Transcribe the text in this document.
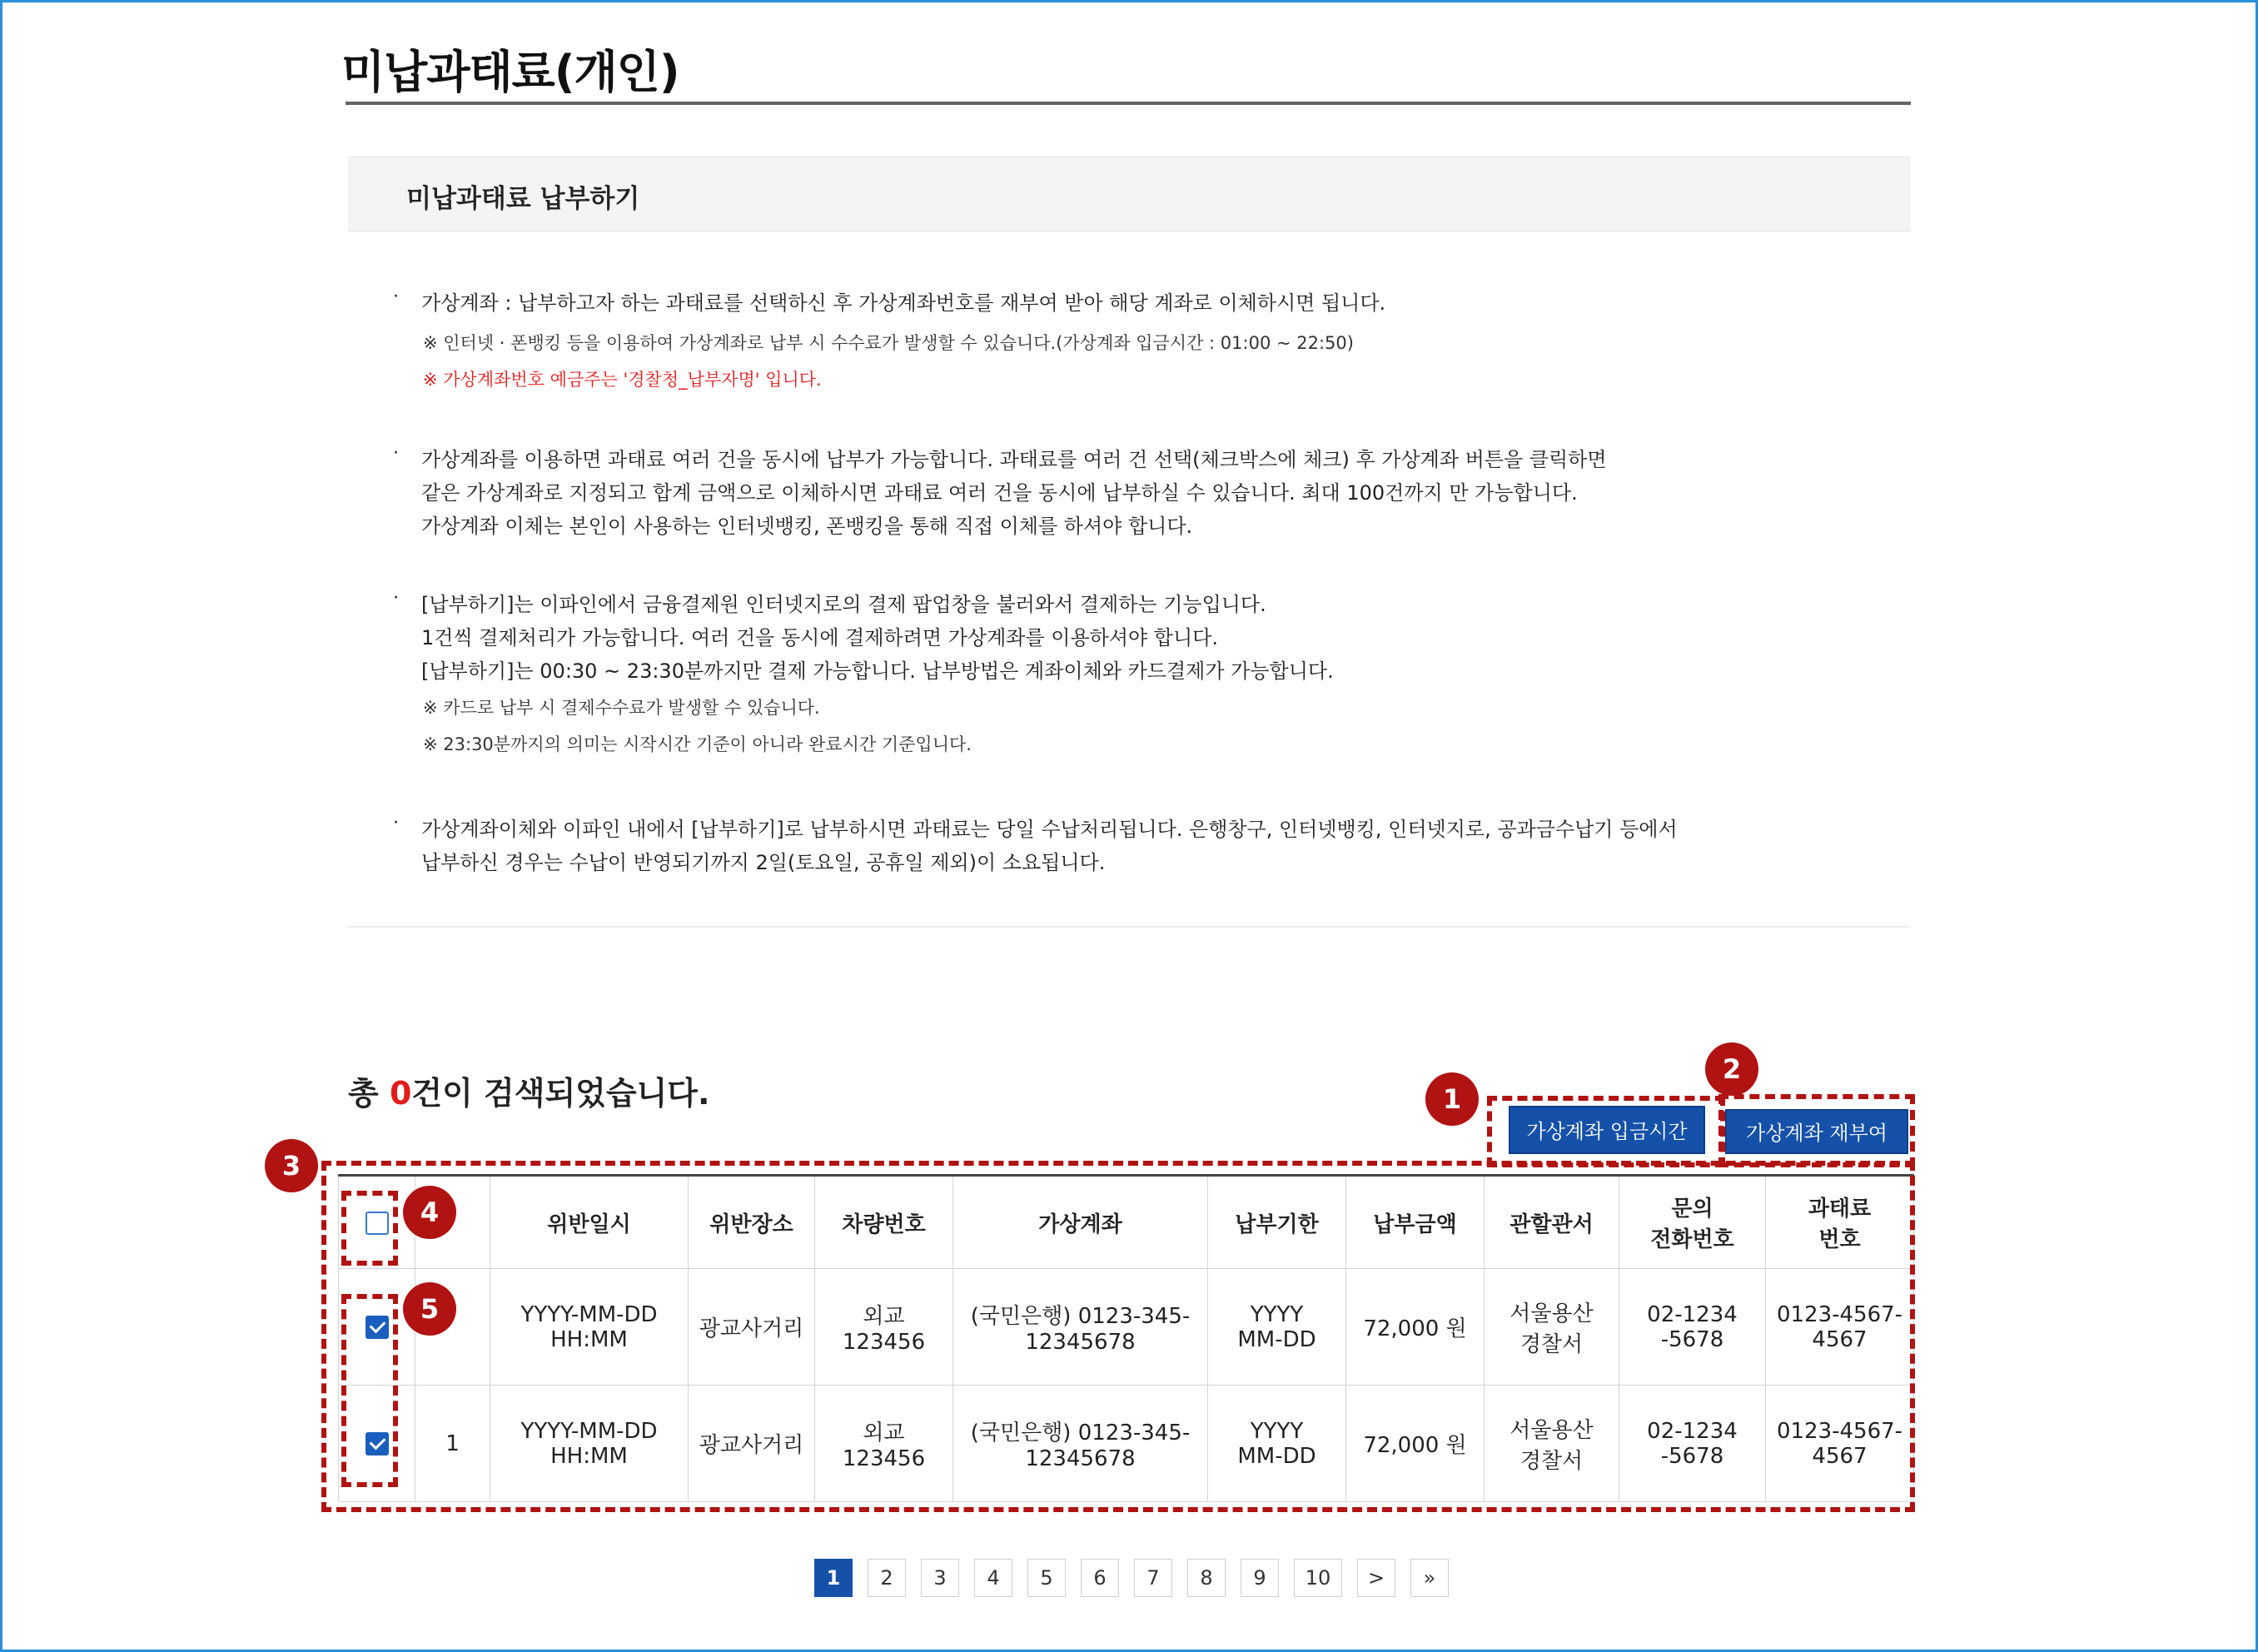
미납과태료(개인)
미납과태료 납부하기
· 가상계좌 : 납부하고자 하는 과태료를 선택하신 후 가상계좌번호를 재부여 받아 해당 계좌로 이체하시면 됩니다.
※ 인터넷 · 폰뱅킹 등을 이용하여 가상계좌로 납부 시 수수료가 발생할 수 있습니다.(가상계좌 입금시간 : 01:00 ~ 22:50)
※ 가상계좌번호 예금주는 '경찰청_납부자명' 입니다.
· 가상계좌를 이용하면 과태료 여러 건을 동시에 납부가 가능합니다. 과태료를 여러 건 선택(체크박스에 체크) 후 가상계좌 버튼을 클릭하면
같은 가상계좌로 지정되고 합계 금액으로 이체하시면 과태료 여러 건을 동시에 납부하실 수 있습니다. 최대 100건까지 만 가능합니다.
가상계좌 이체는 본인이 사용하는 인터넷뱅킹, 폰뱅킹을 통해 직접 이체를 하셔야 합니다.
· [납부하기]는 이파인에서 금융결제원 인터넷지로의 결제 팝업창을 불러와서 결제하는 기능입니다.
1건씩 결제처리가 가능합니다. 여러 건을 동시에 결제하려면 가상계좌를 이용하셔야 합니다.
[납부하기]는 00:30 ~ 23:30분까지만 결제 가능합니다. 납부방법은 계좌이체와 카드결제가 가능합니다.
※ 카드로 납부 시 결제수수료가 발생할 수 있습니다.
※ 23:30분까지의 의미는 시작시간 기준이 아니라 완료시간 기준입니다.
· 가상계좌이체와 이파인 내에서 [납부하기]로 납부하시면 과태료는 당일 수납처리됩니다. 은행창구, 인터넷뱅킹, 인터넷지로, 공과금수납기 등에서
납부하신 경우는 수납이 반영되기까지 2일(토요일, 공휴일 제외)이 소요됩니다.
총 0건이 검색되었습니다.
가상계좌 입금시간	가상계좌 재부여
		위반일시	위반장소	차량번호	가상계좌	납부기한	납부금액	관할관서	문의
전화번호	과태료
번호
		YYYY-MM-DD
HH:MM	광교사거리	외교
123456	(국민은행) 0123-345-
12345678	YYYY
MM-DD	72,000 원	서울용산
경찰서	02-1234
-5678	0123-4567-
4567
	1	YYYY-MM-DD
HH:MM	광교사거리	외교
123456	(국민은행) 0123-345-
12345678	YYYY
MM-DD	72,000 원	서울용산
경찰서	02-1234
-5678	0123-4567-
4567
1
2
3
4
5
1	2	3	4	5	6	7	8	9	10	>	»
